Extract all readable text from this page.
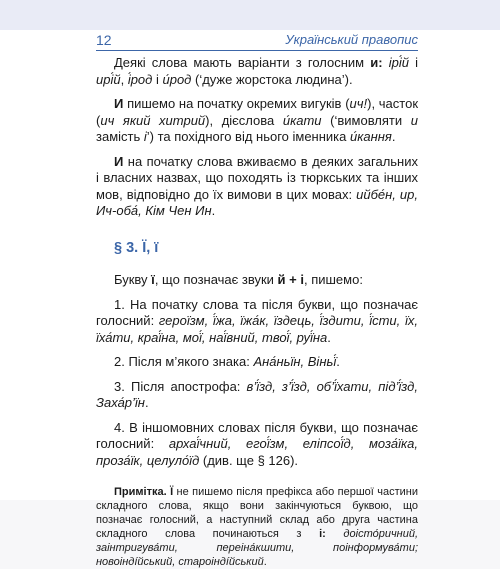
12	Український правопис

Деякі слова мають варіанти з голосним и: ірі́й і ирі́й, і́род і и́род (‘дуже жорстока людина’).

И пишемо на початку окремих вигуків (ич!), часток (ич який хитрий), дієслова и́кати (‘вимовляти и замість і’) та похідного від нього іменника и́кання.

И на початку слова вживаємо в деяких загальних і власних назвах, що походять із тюркських та інших мов, відповідно до їх вимови в цих мовах: ийбе́н, ир, Ич-оба́, Кім Чен Ин.

§ 3. Ї, ї

Букву ї, що позначає звуки й + і, пишемо:

1. На початку слова та після букви, що позначає голосний: героїзм, ї́жа, їжа́к, їздець, ї́здити, ї́сти, їх, їха́ти, краї́на, мої́, наї́вний, твої́, руї́на.

2. Після м’якого знака: Ана́ньїн, Віньї́.

3. Після апострофа: в’ї́зд, з’ї́зд, об’ї́хати, під’ї́зд, Заха́р’їн.

4. В іншомовних словах після букви, що позначає голосний: архаї́чний, егої́зм, еліпсої́д, моза́їка, проза́їк, целуло́їд (див. ще § 126).

Примітка. Ї не пишемо після префікса або першої частини складного слова, якщо вони закінчуються буквою, що позначає голосний, а наступний склад або друга частина складного слова починаються з і: доісто́ричний, заінтригува́ти, переіна́кшити, поінформува́ти; новоіндíйський, староіндíйський.
